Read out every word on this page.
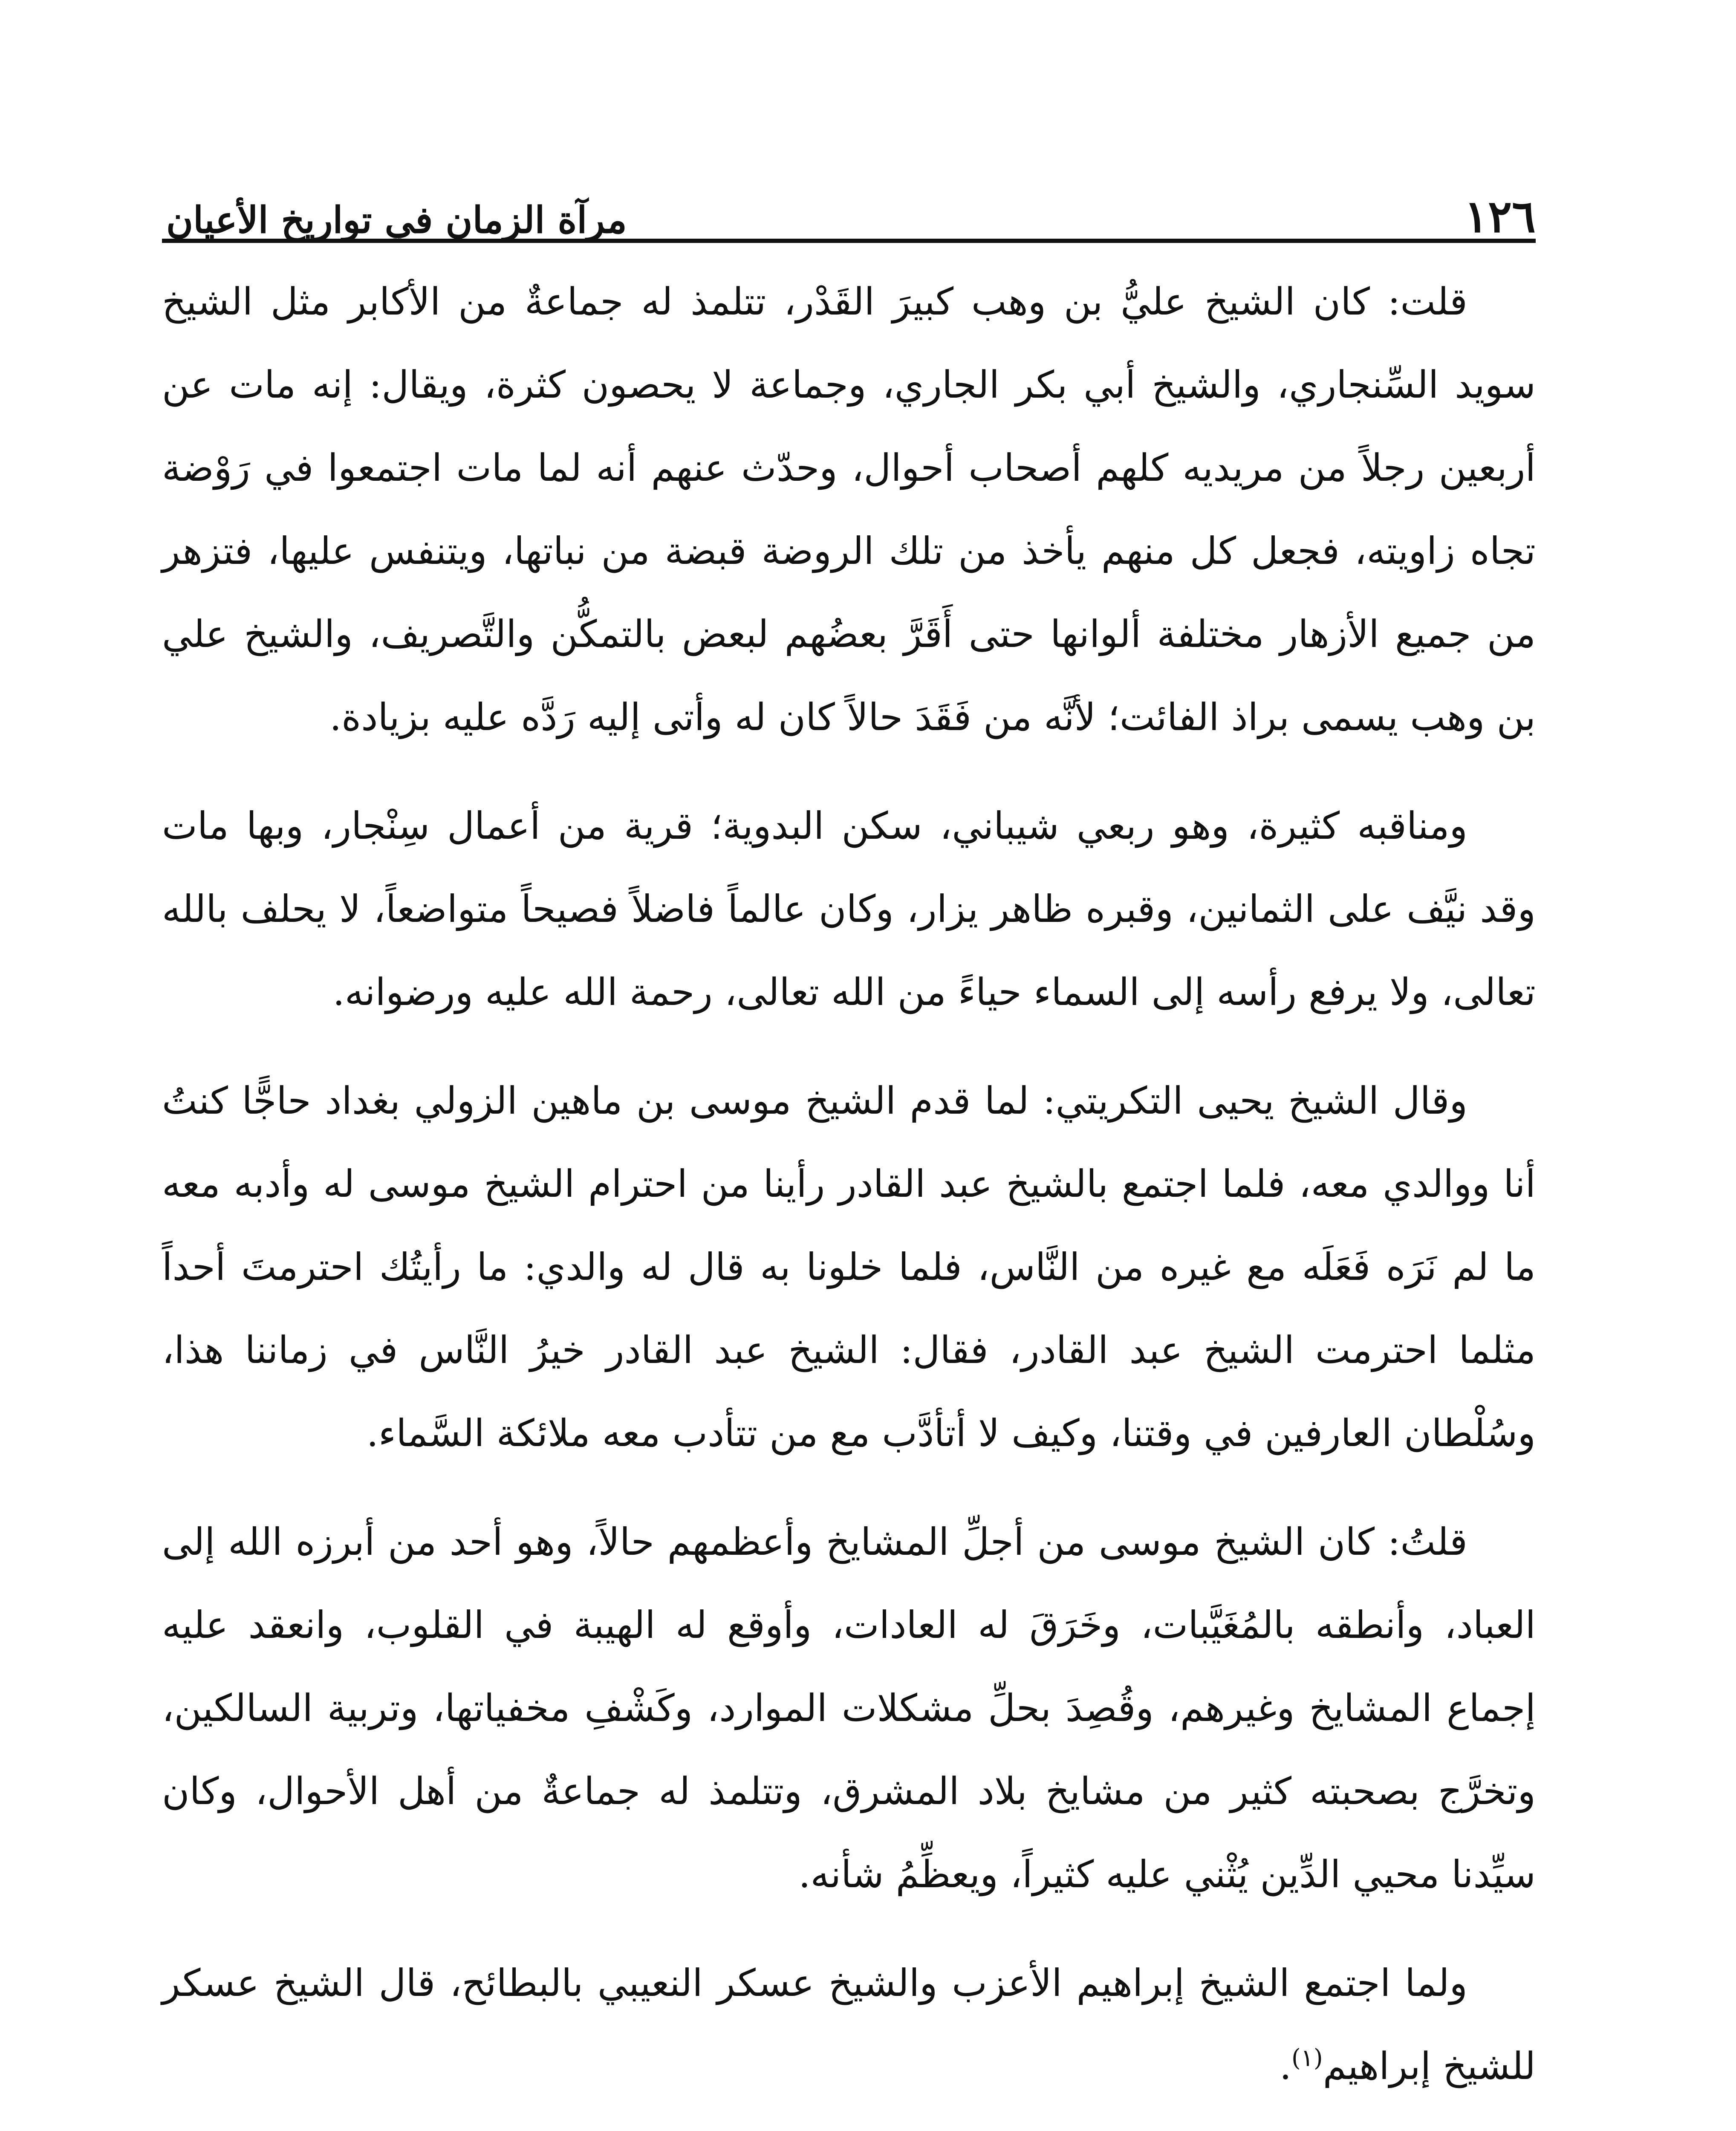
١٢٦
مرآة الزمان في تواريخ الأعيان

قلت: كان الشيخ عليُّ بن وهب كبيرَ القَدْر، تتلمذ له جماعةٌ من الأكابر مثل الشيخ سويد السِّنجاري، والشيخ أبي بكر الجاري، وجماعة لا يحصون كثرة، ويقال: إنه مات عن أربعين رجلاً من مريديه كلهم أصحاب أحوال، وحدّث عنهم أنه لما مات اجتمعوا في رَوْضة تجاه زاويته، فجعل كل منهم يأخذ من تلك الروضة قبضة من نباتها، ويتنفس عليها، فتزهر من جميع الأزهار مختلفة ألوانها حتى أَقَرَّ بعضُهم لبعض بالتمكُّن والتَّصريف، والشيخ علي بن وهب يسمى براذ الفائت؛ لأنَّه من فَقَدَ حالاً كان له وأتى إليه رَدَّه عليه بزيادة.

ومناقبه كثيرة، وهو ربعي شيباني، سكن البدوية؛ قرية من أعمال سِنْجار، وبها مات وقد نيَّف على الثمانين، وقبره ظاهر يزار، وكان عالماً فاضلاً فصيحاً متواضعاً، لا يحلف بالله تعالى، ولا يرفع رأسه إلى السماء حياءً من الله تعالى، رحمة الله عليه ورضوانه.

وقال الشيخ يحيى التكريتي: لما قدم الشيخ موسى بن ماهين الزولي بغداد حاجًّا كنتُ أنا ووالدي معه، فلما اجتمع بالشيخ عبد القادر رأينا من احترام الشيخ موسى له وأدبه معه ما لم نَرَه فَعَلَه مع غيره من النَّاس، فلما خلونا به قال له والدي: ما رأيتُك احترمتَ أحداً مثلما احترمت الشيخ عبد القادر، فقال: الشيخ عبد القادر خيرُ النَّاس في زماننا هذا، وسُلْطان العارفين في وقتنا، وكيف لا أتأدَّب مع من تتأدب معه ملائكة السَّماء.

قلتُ: كان الشيخ موسى من أجلِّ المشايخ وأعظمهم حالاً، وهو أحد من أبرزه الله إلى العباد، وأنطقه بالمُغَيَّبات، وخَرَقَ له العادات، وأوقع له الهيبة في القلوب، وانعقد عليه إجماع المشايخ وغيرهم، وقُصِدَ بحلِّ مشكلات الموارد، وكَشْفِ مخفياتها، وتربية السالكين، وتخرَّج بصحبته كثير من مشايخ بلاد المشرق، وتتلمذ له جماعةٌ من أهل الأحوال، وكان سيِّدنا محيي الدِّين يُثْني عليه كثيراً، ويعظِّمُ شأنه.

ولما اجتمع الشيخ إبراهيم الأعزب والشيخ عسكر النعيبي بالبطائح، قال الشيخ عسكر للشيخ إبراهيم$^{(١)}$.
